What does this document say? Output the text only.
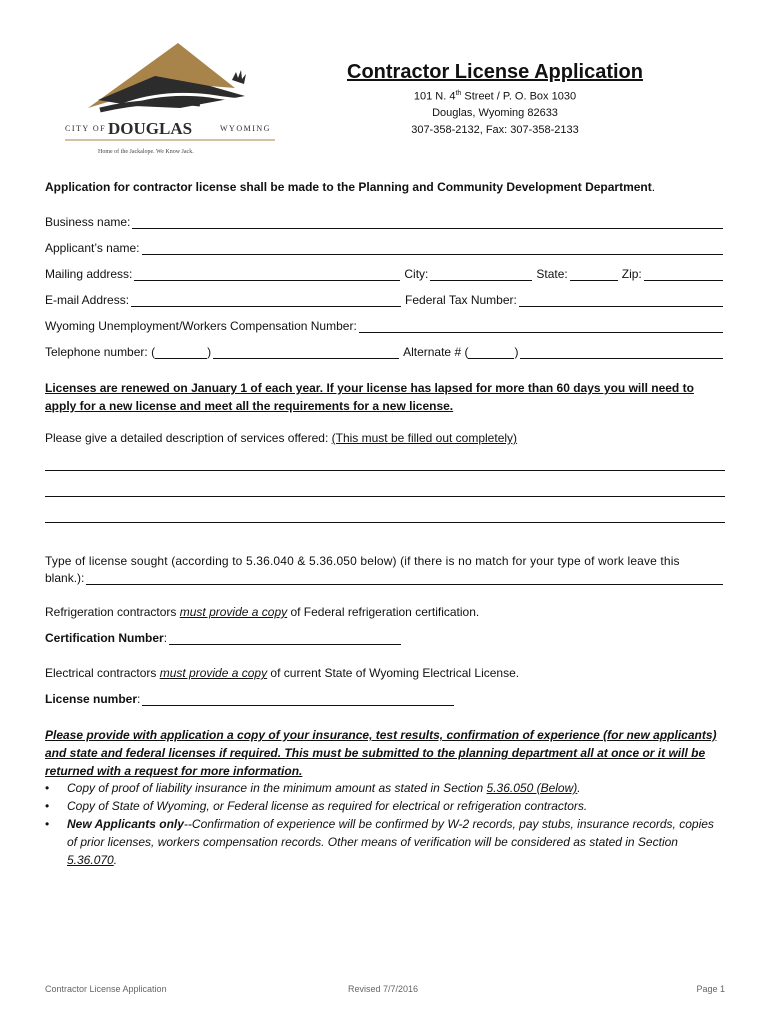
CITY OF DOUGLAS	WYOMING
Home of the Jackalope. We Know Jack.
Contractor License Application
101 N. 4th Street / P. O. Box 1030
Douglas, Wyoming 82633
307-358-2132, Fax: 307-358-2133
Application for contractor license shall be made to the Planning and Community Development Department.
Business name:
Applicant’s name:
Mailing address:	City:	State:	Zip:
E-mail Address:	Federal Tax Number:
Wyoming Unemployment/Workers Compensation Number:
Telephone number: (	)	Alternate # (	)
Licenses are renewed on January 1 of each year. If your license has lapsed for more than 60 days you will need to apply for a new license and meet all the requirements for a new license.
Please give a detailed description of services offered: (This must be filled out completely)
Type of license sought (according to 5.36.040 & 5.36.050 below) (if there is no match for your type of work leave this
blank.):
Refrigeration contractors must provide a copy of Federal refrigeration certification.
Certification Number :
Electrical contractors must provide a copy of current State of Wyoming Electrical License.
License number :
Please provide with application a copy of your insurance, test results, confirmation of experience (for new applicants) and state and federal licenses if required. This must be submitted to the planning department all at once or it will be returned with a request for more information.
•	Copy of proof of liability insurance in the minimum amount as stated in Section 5.36.050 (Below).
•	Copy of State of Wyoming, or Federal license as required for electrical or refrigeration contractors.
•	New Applicants only--Confirmation of experience will be confirmed by W-2 records, pay stubs, insurance records, copies of prior licenses, workers compensation records. Other means of verification will be considered as stated in Section 5.36.070.
Contractor License Application	Revised 7/7/2016	Page 1
